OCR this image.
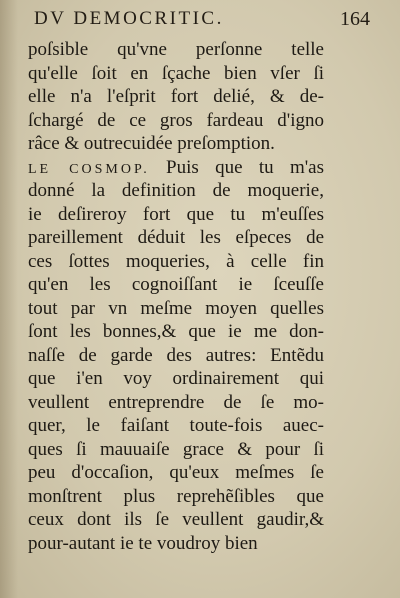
DV DEMOCRITIC.	164
poſsible qu'vne perſonne telle
qu'elle ſoit en ſçache bien vſer ſi
elle n'a l'eſprit fort delié, & de-
ſchargé de ce gros fardeau d'igno
râce & outrecuidée preſomption.
LE COSMOP. Puis que tu m'as
donné la definition de moquerie,
ie deſireroy fort que tu m'euſſes
pareillement déduit les eſpeces de
ces ſottes moqueries, à celle fin
qu'en les cognoiſſant ie ſceuſſe
tout par vn meſme moyen quelles
ſont les bonnes,& que ie me don-
naſſe de garde des autres: Entẽdu
que i'en voy ordinairement qui
veullent entreprendre de ſe mo-
quer, le faiſant toute-fois auec-
ques ſi mauuaiſe grace & pour ſi
peu d'occaſion, qu'eux meſmes ſe
monſtrent plus reprehẽſibles que
ceux dont ils ſe veullent gaudir,&
pour-autant ie te voudroy bien
